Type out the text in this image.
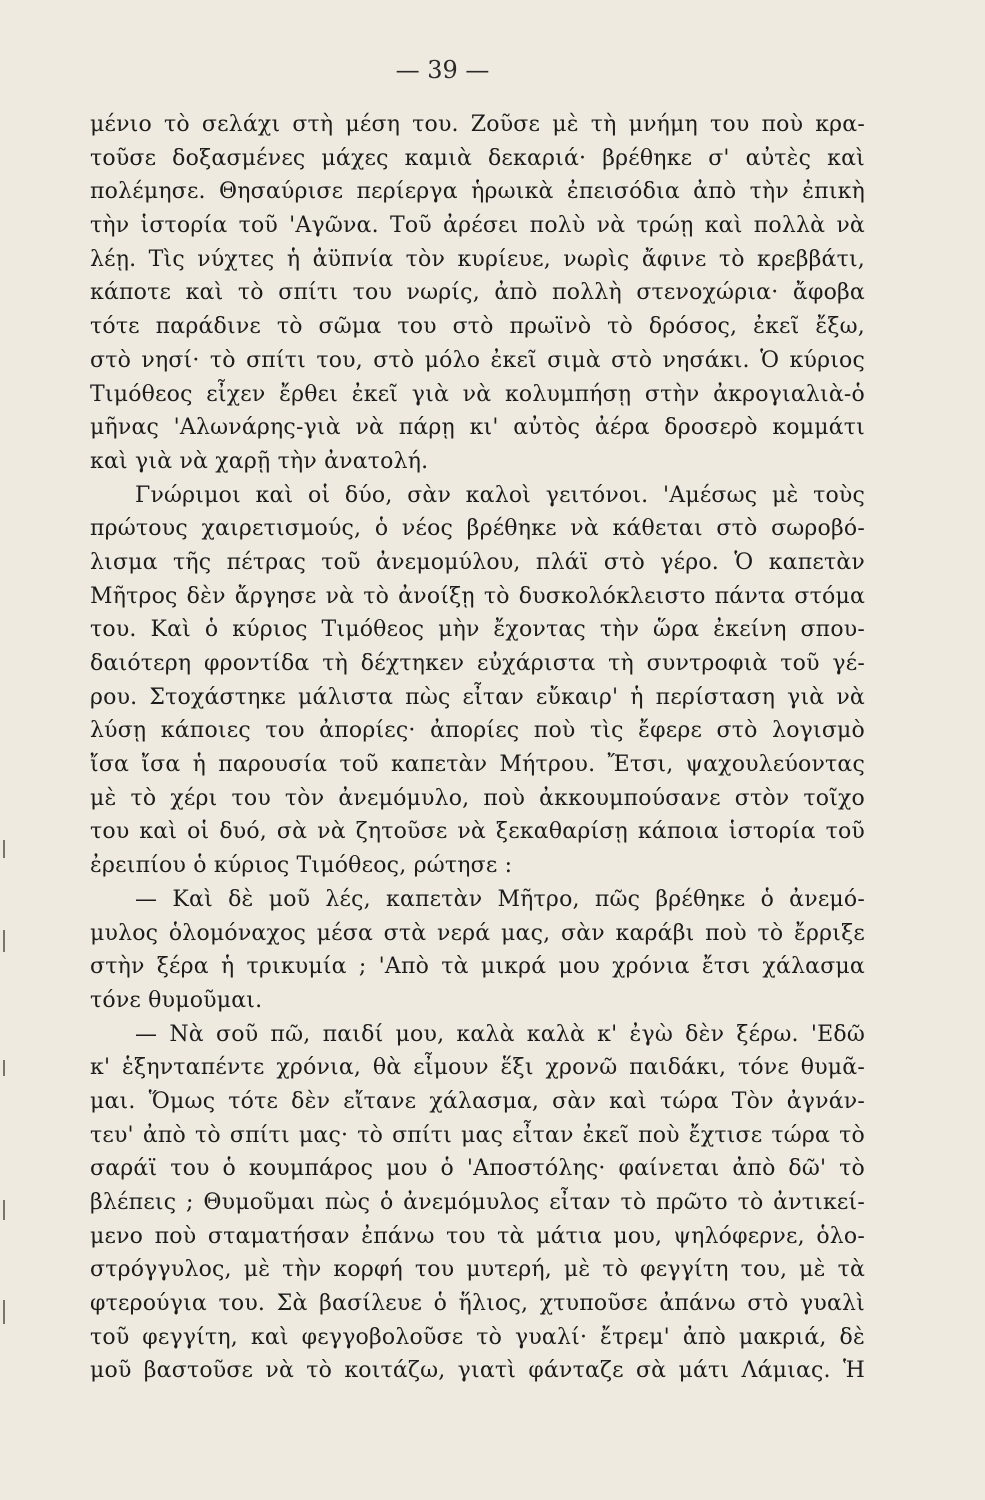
— 39 —
μένιο τὸ σελάχι στὴ μέση του. Ζοῦσε μὲ τὴ μνήμη του ποὺ κρα-
τοῦσε δοξασμένες μάχες καμιὰ δεκαριά· βρέθηκε σ' αὐτὲς καὶ
πολέμησε. Θησαύρισε περίεργα ἡρωικὰ ἐπεισόδια ἀπὸ τὴν ἐπικὴ
τὴν ἱστορία τοῦ 'Αγῶνα. Τοῦ ἀρέσει πολὺ νὰ τρώῃ καὶ πολλὰ νὰ
λέῃ. Τὶς νύχτες ἡ ἀϋπνία τὸν κυρίευε, νωρὶς ἄφινε τὸ κρεββάτι,
κάποτε καὶ τὸ σπίτι του νωρίς, ἀπὸ πολλὴ στενοχώρια· ἄφοβα
τότε παράδινε τὸ σῶμα του στὸ πρωϊνὸ τὸ δρόσος, ἐκεῖ ἔξω,
στὸ νησί· τὸ σπίτι του, στὸ μόλο ἐκεῖ σιμὰ στὸ νησάκι. Ὁ κύριος
Τιμόθεος εἶχεν ἔρθει ἐκεῖ γιὰ νὰ κολυμπήσῃ στὴν ἀκρογιαλιὰ-ὁ
μῆνας 'Αλωνάρης-γιὰ νὰ πάρῃ κι' αὐτὸς ἀέρα δροσερὸ κομμάτι
καὶ γιὰ νὰ χαρῇ τὴν ἀνατολή.
Γνώριμοι καὶ οἱ δύο, σὰν καλοὶ γειτόνοι. 'Αμέσως μὲ τοὺς
πρώτους χαιρετισμούς, ὁ νέος βρέθηκε νὰ κάθεται στὸ σωροβό-
λισμα τῆς πέτρας τοῦ ἀνεμομύλου, πλάϊ στὸ γέρο. Ὁ καπετὰν
Μῆτρος δὲν ἄργησε νὰ τὸ ἀνοίξῃ τὸ δυσκολόκλειστο πάντα στόμα
του. Καὶ ὁ κύριος Τιμόθεος μὴν ἔχοντας τὴν ὥρα ἐκείνη σπου-
δαιότερη φροντίδα τὴ δέχτηκεν εὐχάριστα τὴ συντροφιὰ τοῦ γέ-
ρου. Στοχάστηκε μάλιστα πὼς εἶταν εὔκαιρ' ἡ περίσταση γιὰ νὰ
λύσῃ κάποιες του ἀπορίες· ἀπορίες ποὺ τὶς ἔφερε στὸ λογισμὸ
ἴσα ἴσα ἡ παρουσία τοῦ καπετὰν Μήτρου. Ἔτσι, ψαχουλεύοντας
μὲ τὸ χέρι του τὸν ἀνεμόμυλο, ποὺ ἀκκουμπούσανε στὸν τοῖχο
του καὶ οἱ δυό, σὰ νὰ ζητοῦσε νὰ ξεκαθαρίσῃ κάποια ἱστορία τοῦ
ἐρειπίου ὁ κύριος Τιμόθεος, ρώτησε :
— Καὶ δὲ μοῦ λές, καπετὰν Μῆτρο, πῶς βρέθηκε ὁ ἀνεμό-
μυλος ὁλομόναχος μέσα στὰ νερά μας, σὰν καράβι ποὺ τὸ ἔρριξε
στὴν ξέρα ἡ τρικυμία ; 'Απὸ τὰ μικρά μου χρόνια ἔτσι χάλασμα
τόνε θυμοῦμαι.
— Νὰ σοῦ πῶ, παιδί μου, καλὰ καλὰ κ' ἐγὼ δὲν ξέρω. 'Εδῶ
κ' ἑξηνταπέντε χρόνια, θὰ εἶμουν ἕξι χρονῶ παιδάκι, τόνε θυμᾶ-
μαι. Ὅμως τότε δὲν εἴτανε χάλασμα, σὰν καὶ τώρα Τὸν ἀγνάν-
τευ' ἀπὸ τὸ σπίτι μας· τὸ σπίτι μας εἶταν ἐκεῖ ποὺ ἔχτισε τώρα τὸ
σαράϊ του ὁ κουμπάρος μου ὁ 'Αποστόλης· φαίνεται ἀπὸ δῶ' τὸ
βλέπεις ; Θυμοῦμαι πὼς ὁ ἀνεμόμυλος εἶταν τὸ πρῶτο τὸ ἀντικεί-
μενο ποὺ σταματήσαν ἐπάνω του τὰ μάτια μου, ψηλόφερνε, ὁλο-
στρόγγυλος, μὲ τὴν κορφή του μυτερή, μὲ τὸ φεγγίτη του, μὲ τὰ
φτερούγια του. Σὰ βασίλευε ὁ ἥλιος, χτυποῦσε ἀπάνω στὸ γυαλὶ
τοῦ φεγγίτη, καὶ φεγγοβολοῦσε τὸ γυαλί· ἔτρεμ' ἀπὸ μακριά, δὲ
μοῦ βαστοῦσε νὰ τὸ κοιτάζω, γιατὶ φάνταζε σὰ μάτι Λάμιας. Ἡ
